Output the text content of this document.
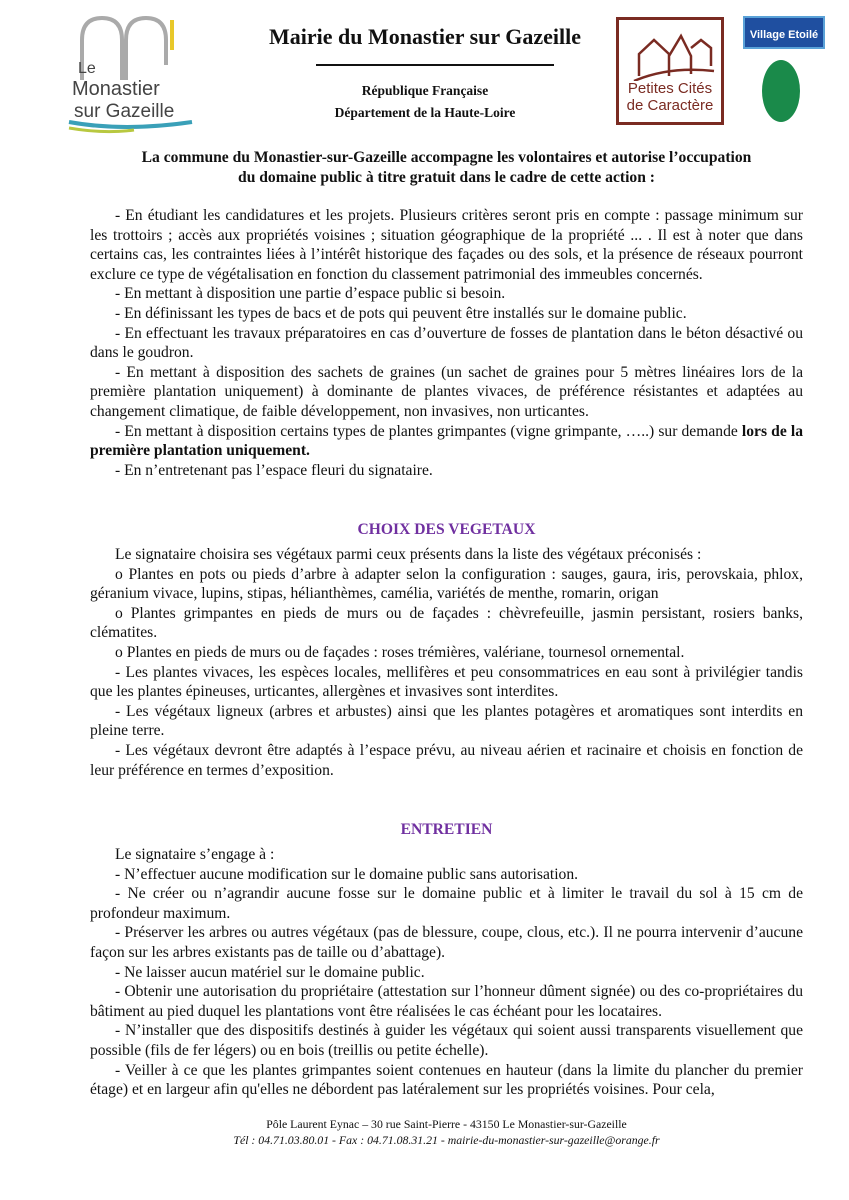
Le
Monastier
sur Gazeille
Mairie du Monastier sur Gazeille
République Française
Département de la Haute-Loire
Petites Cités
de Caractère
Village Etoilé
La commune du Monastier-sur-Gazeille accompagne les volontaires et autorise l’occupation
du domaine public à titre gratuit dans le cadre de cette action :

- En étudiant les candidatures et les projets. Plusieurs critères seront pris en compte : passage minimum sur les trottoirs ; accès aux propriétés voisines ; situation géographique de la propriété ... . Il est à noter que dans certains cas, les contraintes liées à l’intérêt historique des façades ou des sols, et la présence de réseaux pourront exclure ce type de végétalisation en fonction du classement patrimonial des immeubles concernés.

- En mettant à disposition une partie d’espace public si besoin.

- En définissant les types de bacs et de pots qui peuvent être installés sur le domaine public.

- En effectuant les travaux préparatoires en cas d’ouverture de fosses de plantation dans le béton désactivé ou dans le goudron.

- En mettant à disposition des sachets de graines (un sachet de graines pour 5 mètres linéaires lors de la première plantation uniquement) à dominante de plantes vivaces, de préférence résistantes et adaptées au changement climatique, de faible développement, non invasives, non urticantes.

- En mettant à disposition certains types de plantes grimpantes (vigne grimpante, …..) sur demande lors de la première plantation uniquement.

- En n’entretenant pas l’espace fleuri du signataire.

CHOIX DES VEGETAUX

Le signataire choisira ses végétaux parmi ceux présents dans la liste des végétaux préconisés :

o Plantes en pots ou pieds d’arbre à adapter selon la configuration : sauges, gaura, iris, perovskaia, phlox, géranium vivace, lupins, stipas, hélianthèmes, camélia, variétés de menthe, romarin, origan

o Plantes grimpantes en pieds de murs ou de façades : chèvrefeuille, jasmin persistant, rosiers banks, clématites.

o Plantes en pieds de murs ou de façades : roses trémières, valériane, tournesol ornemental.

- Les plantes vivaces, les espèces locales, mellifères et peu consommatrices en eau sont à privilégier tandis que les plantes épineuses, urticantes, allergènes et invasives sont interdites.

- Les végétaux ligneux (arbres et arbustes) ainsi que les plantes potagères et aromatiques sont interdits en pleine terre.

- Les végétaux devront être adaptés à l’espace prévu, au niveau aérien et racinaire et choisis en fonction de leur préférence en termes d’exposition.

ENTRETIEN

Le signataire s’engage à :

- N’effectuer aucune modification sur le domaine public sans autorisation.

- Ne créer ou n’agrandir aucune fosse sur le domaine public et à limiter le travail du sol à 15 cm de profondeur maximum.

- Préserver les arbres ou autres végétaux (pas de blessure, coupe, clous, etc.). Il ne pourra intervenir d’aucune façon sur les arbres existants pas de taille ou d’abattage).

- Ne laisser aucun matériel sur le domaine public.

- Obtenir une autorisation du propriétaire (attestation sur l’honneur dûment signée) ou des co-propriétaires du bâtiment au pied duquel les plantations vont être réalisées le cas échéant pour les locataires.

- N’installer que des dispositifs destinés à guider les végétaux qui soient aussi transparents visuellement que possible (fils de fer légers) ou en bois (treillis ou petite échelle).

- Veiller à ce que les plantes grimpantes soient contenues en hauteur (dans la limite du plancher du premier étage) et en largeur afin qu'elles ne débordent pas latéralement sur les propriétés voisines. Pour cela,

Pôle Laurent Eynac – 30 rue Saint-Pierre - 43150 Le Monastier-sur-Gazeille
Tél : 04.71.03.80.01 - Fax : 04.71.08.31.21 - mairie-du-monastier-sur-gazeille@orange.fr
